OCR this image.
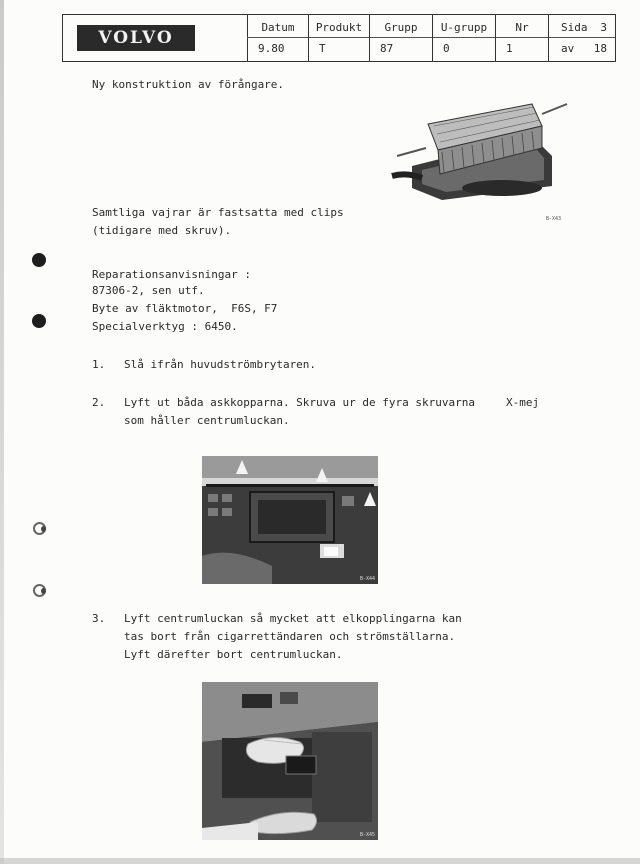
VOLVO
Datum
9.80
Produkt
T
Grupp
87
U-grupp
0
Nr
1
Sida 3
av 18
Ny konstruktion av förångare.
Samtliga vajrar är fastsatta med clips
(tidigare med skruv).
B-X43
Reparationsanvisningar :
87306-2, sen utf.
Byte av fläktmotor,  F6S, F7
Specialverktyg : 6450.
1. Slå ifrån huvudströmbrytaren.
2. Lyft ut båda askkopparna. Skruva ur de fyra skruvarna
som håller centrumluckan.
X-mej
B-X44
3. Lyft centrumluckan så mycket att elkopplingarna kan
tas bort från cigarrettändaren och strömställarna.
Lyft därefter bort centrumluckan.
B-X45
